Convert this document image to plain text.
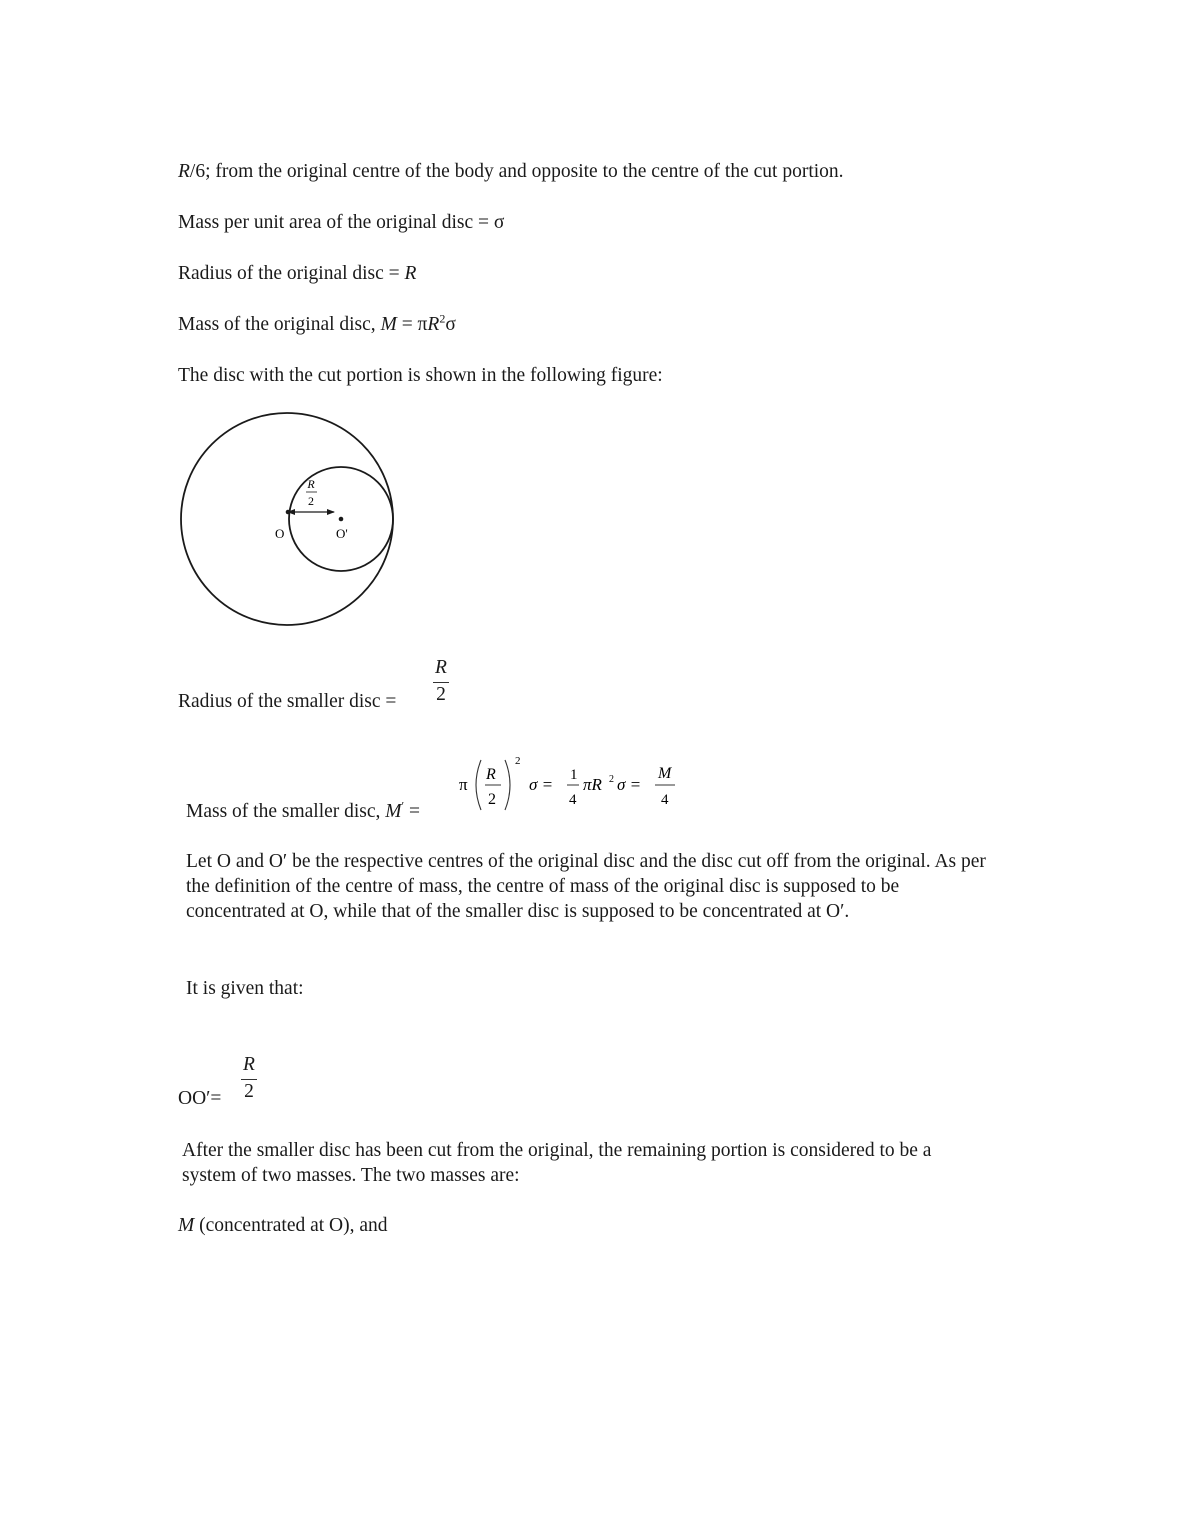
R/6; from the original centre of the body and opposite to the centre of the cut portion.
Mass per unit area of the original disc = σ
Radius of the original disc = R
Mass of the original disc, $M = \pi R^2\sigma$
The disc with the cut portion is shown in the following figure:
R
2
O	O'
Radius of the smaller disc = $\frac{R}{2}$
Mass of the smaller disc, M′ =
π
R
2
2
σ = 1
4
πR 2 σ =
M
4
Let O and O′ be the respective centres of the original disc and the disc cut off from the original. As per the definition of the centre of mass, the centre of mass of the original disc is supposed to be concentrated at O, while that of the smaller disc is supposed to be concentrated at O′.
It is given that:
$OO'= \frac{R}{2}$
After the smaller disc has been cut from the original, the remaining portion is considered to be a system of two masses. The two masses are:
M (concentrated at O), and
